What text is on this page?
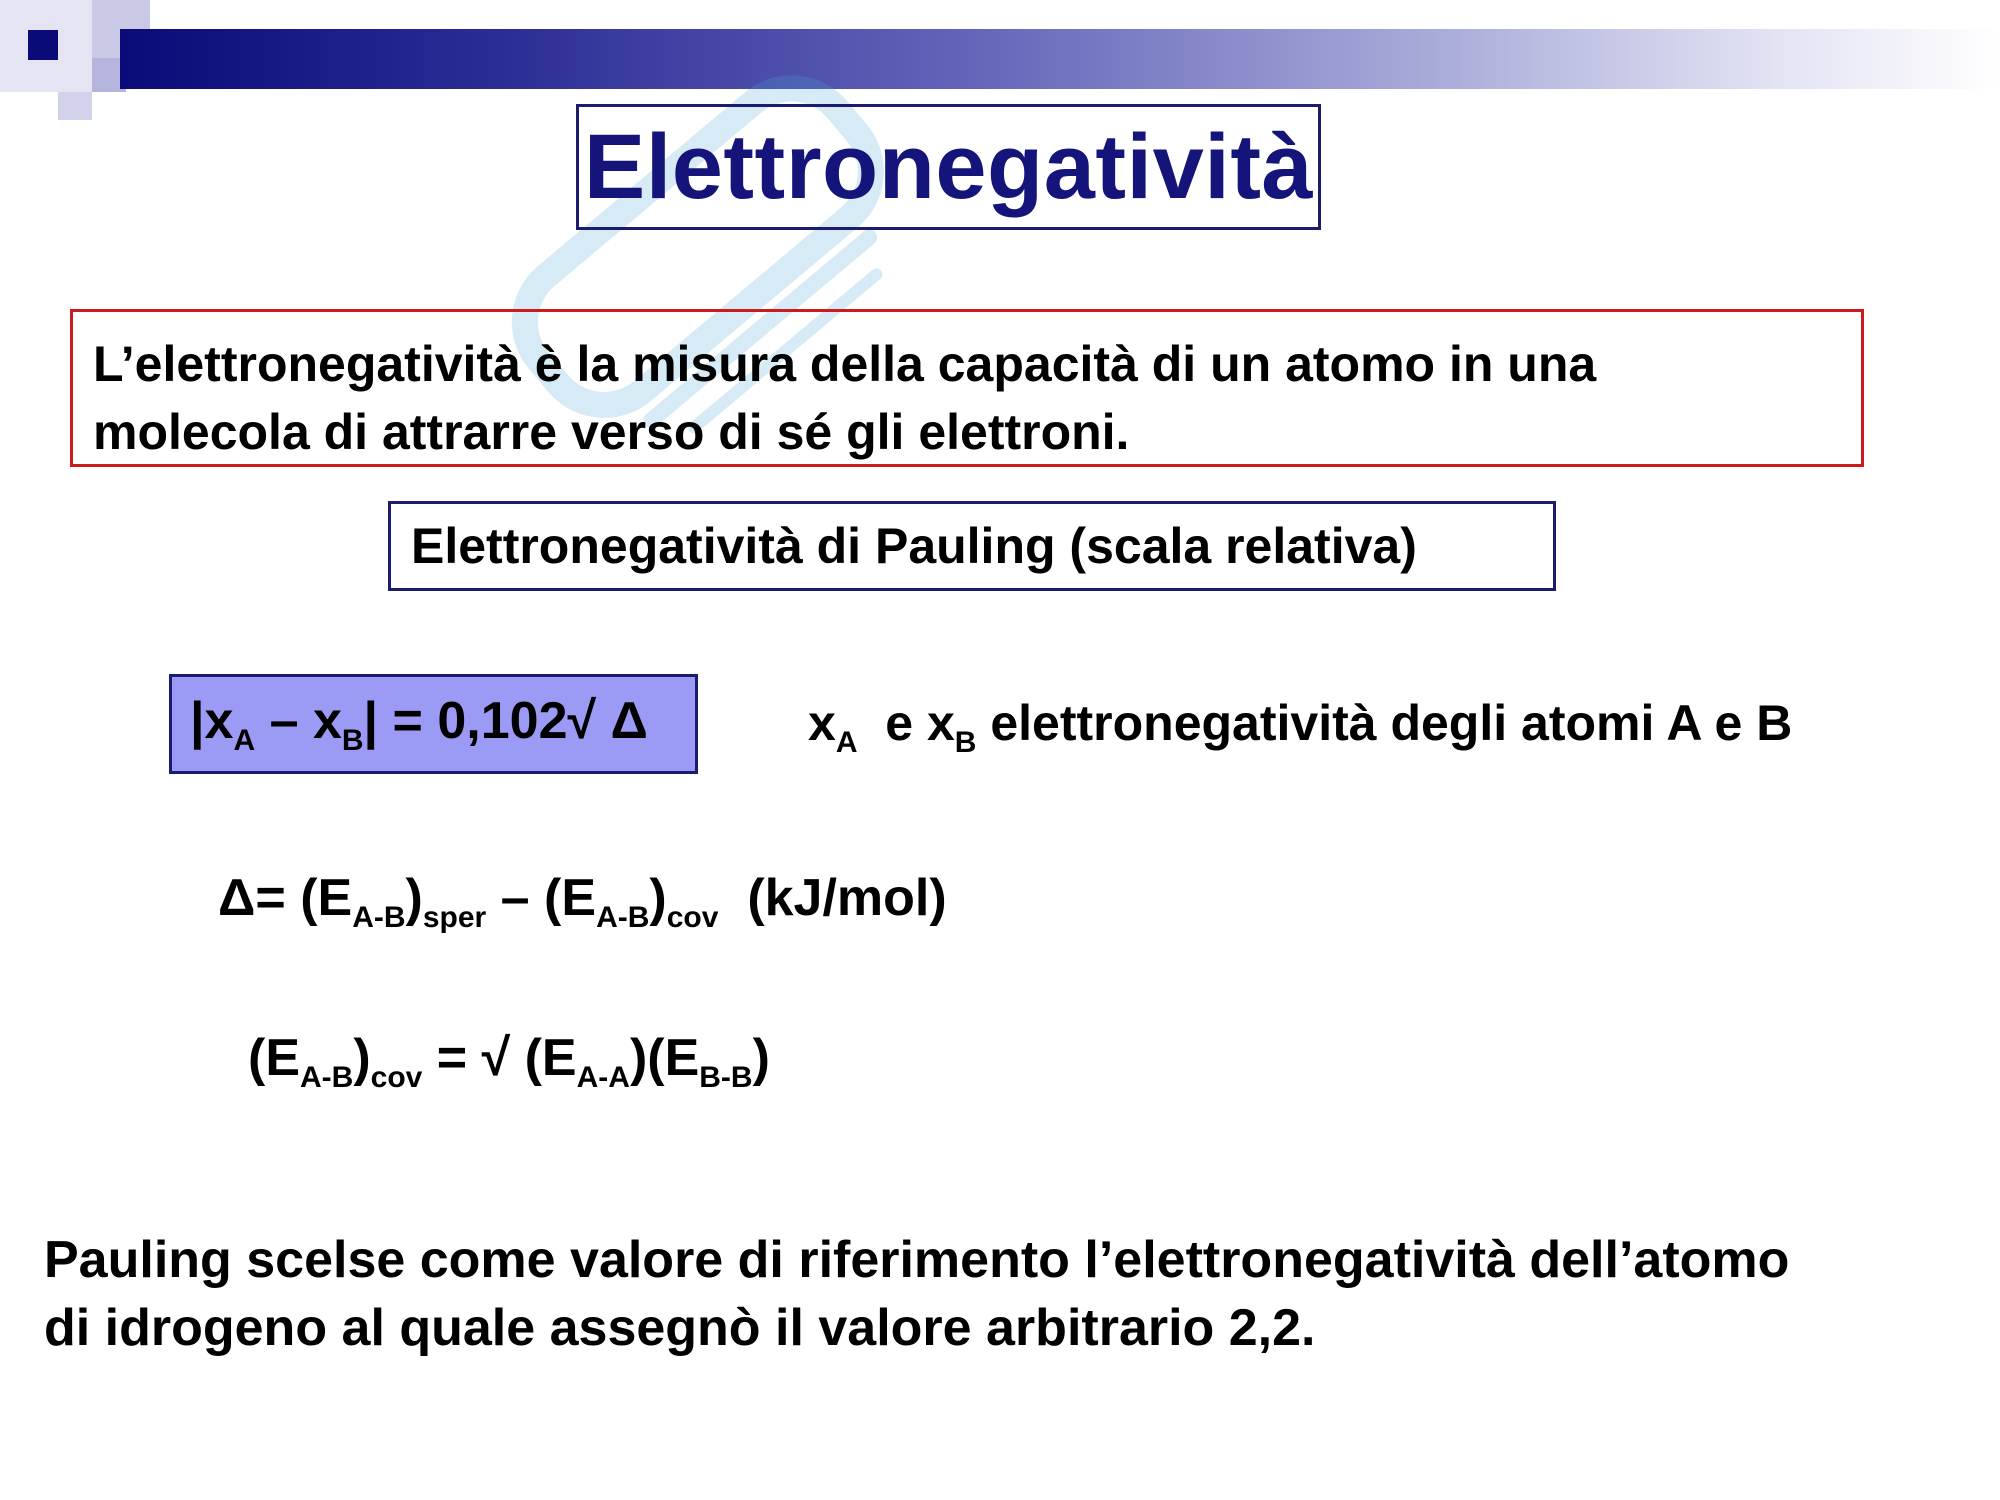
Elettronegatività

L’elettronegatività è la misura della capacità di un atomo in una
molecola di attrarre verso di sé gli elettroni.

Elettronegatività di Pauling (scala relativa)
$|x_A - x_B| = 0,102√$ Δ	$x_A$  e $x_B$ elettronegatività degli atomi A e B
$\Delta= (E_{A-B})_{sper} - (E_{A-B})_{cov}$  (kJ/mol)
$(E_{A-B})_{cov}$ = √ $(E_{A-A})(E_{B-B})$

Pauling scelse come valore di riferimento l’elettronegatività dell’atomo
di idrogeno al quale assegnò il valore arbitrario 2,2.
